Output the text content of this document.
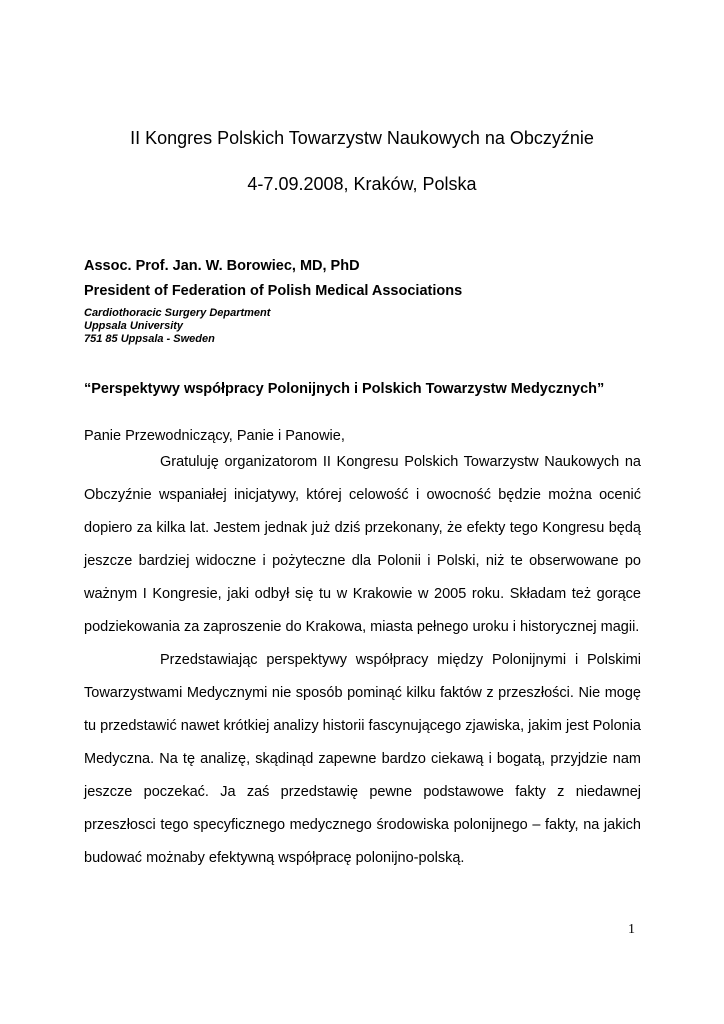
II Kongres Polskich Towarzystw Naukowych na Obczyźnie
4-7.09.2008, Kraków, Polska

Assoc. Prof. Jan. W. Borowiec, MD, PhD

President of Federation of Polish Medical Associations

Cardiothoracic Surgery Department

Uppsala University

751 85 Uppsala - Sweden

“Perspektywy współpracy Polonijnych i Polskich Towarzystw Medycznych”

Panie Przewodniczący, Panie i Panowie,

Gratuluję organizatorom II Kongresu Polskich Towarzystw Naukowych na Obczyźnie wspaniałej inicjatywy, której celowość i owocność będzie można ocenić dopiero za kilka lat. Jestem jednak już dziś przekonany, że efekty tego Kongresu będą jeszcze bardziej widoczne i pożyteczne dla Polonii i Polski, niż te obserwowane po ważnym I Kongresie, jaki odbył się tu w Krakowie w 2005 roku. Składam też gorące podziekowania za zaproszenie do Krakowa, miasta pełnego uroku i historycznej magii.

Przedstawiając perspektywy współpracy między Polonijnymi i Polskimi Towarzystwami Medycznymi nie sposób pominąć kilku faktów z przeszłości. Nie mogę tu przedstawić nawet krótkiej analizy historii fascynującego zjawiska, jakim jest Polonia Medyczna. Na tę analizę, skądinąd zapewne bardzo ciekawą i bogatą, przyjdzie nam jeszcze poczekać. Ja zaś przedstawię pewne podstawowe fakty z niedawnej przeszłosci tego specyficznego medycznego środowiska polonijnego – fakty, na jakich budować możnaby efektywną współpracę polonijno-polską.

1
